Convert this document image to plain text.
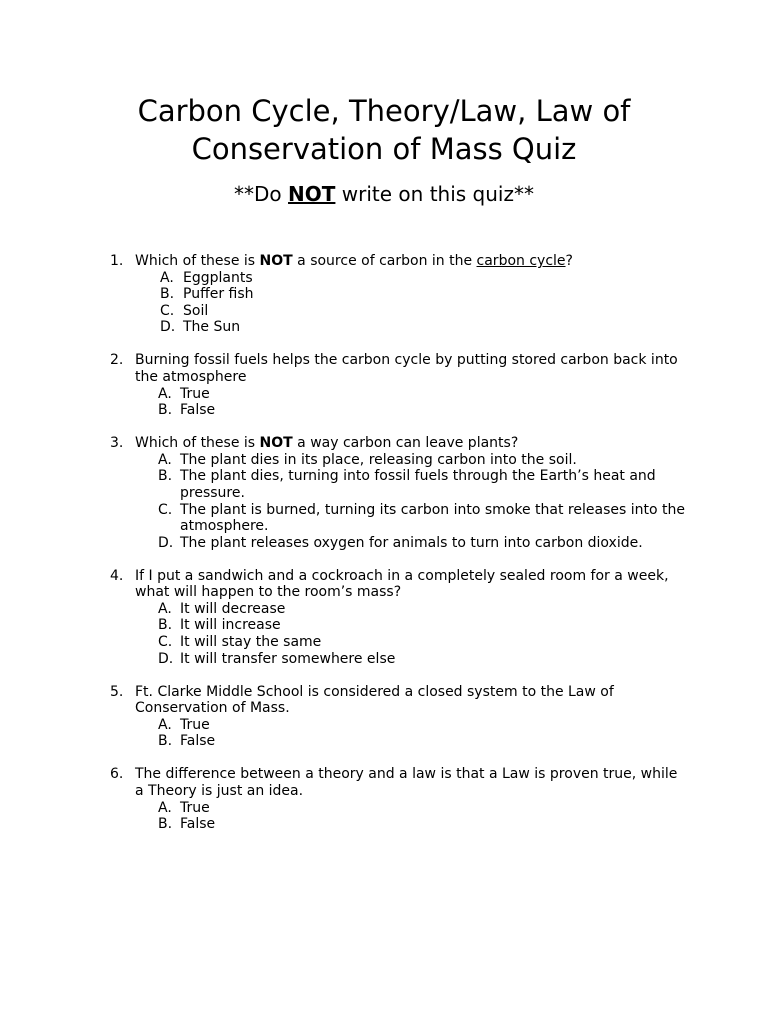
Carbon Cycle, Theory/Law, Law of
Conservation of Mass Quiz
**Do NOT write on this quiz**
1. Which of these is NOT a source of carbon in the carbon cycle?
A. Eggplants
B. Puffer fish
C. Soil
D. The Sun
2. Burning fossil fuels helps the carbon cycle by putting stored carbon back into the atmosphere
A. True
B. False
3. Which of these is NOT a way carbon can leave plants?
A. The plant dies in its place, releasing carbon into the soil.
B. The plant dies, turning into fossil fuels through the Earth’s heat and pressure.
C. The plant is burned, turning its carbon into smoke that releases into the atmosphere.
D. The plant releases oxygen for animals to turn into carbon dioxide.
4. If I put a sandwich and a cockroach in a completely sealed room for a week, what will happen to the room’s mass?
A. It will decrease
B. It will increase
C. It will stay the same
D. It will transfer somewhere else
5. Ft. Clarke Middle School is considered a closed system to the Law of Conservation of Mass.
A. True
B. False
6. The difference between a theory and a law is that a Law is proven true, while a Theory is just an idea.
A. True
B. False
